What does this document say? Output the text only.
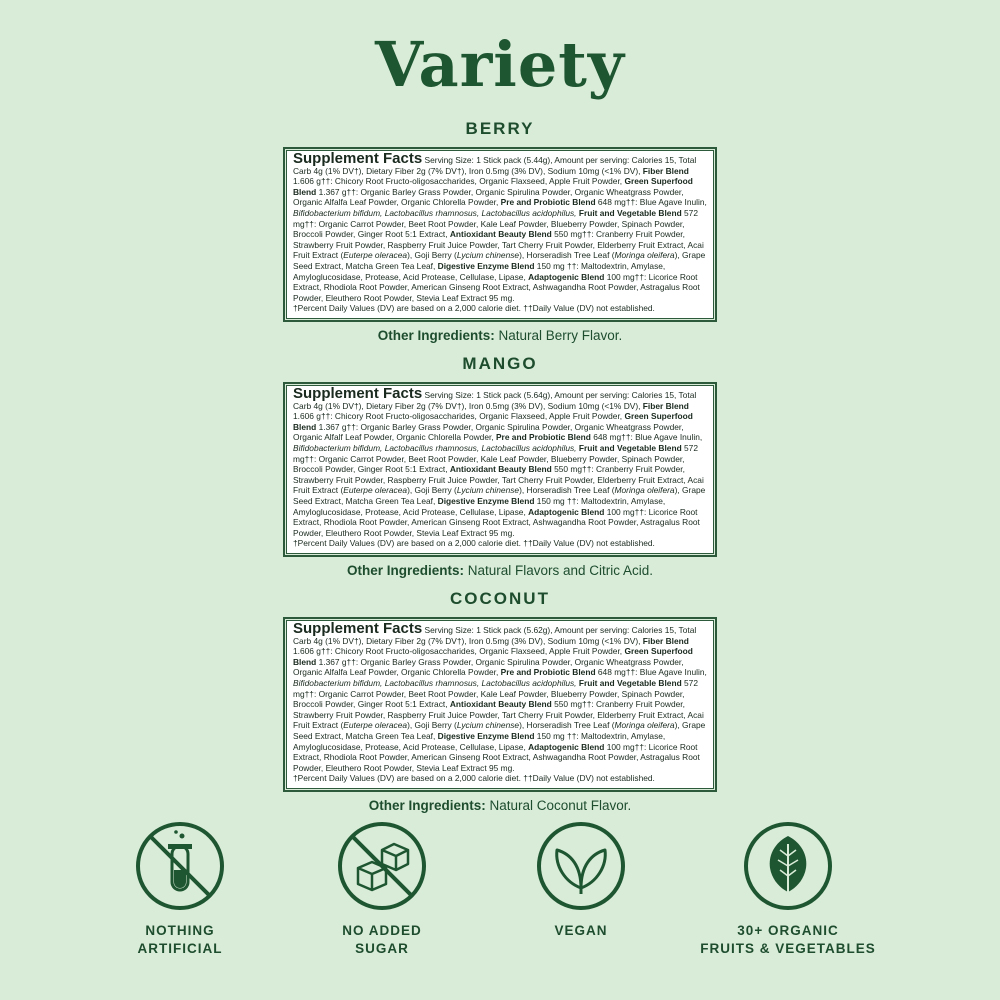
Variety
BERRY
Supplement Facts Serving Size: 1 Stick pack (5.44g), Amount per serving: Calories 15, Total Carb 4g (1% DV†), Dietary Fiber 2g (7% DV†), Iron 0.5mg (3% DV), Sodium 10mg (<1% DV), Fiber Blend 1.606 g††: Chicory Root Fructo-oligosaccharides, Organic Flaxseed, Apple Fruit Powder, Green Superfood Blend 1.367 g††: Organic Barley Grass Powder, Organic Spirulina Powder, Organic Wheatgrass Powder, Organic Alfalfa Leaf Powder, Organic Chlorella Powder, Pre and Probiotic Blend 648 mg††: Blue Agave Inulin, Bifidobacterium bifidum, Lactobacillus rhamnosus, Lactobacillus acidophilus, Fruit and Vegetable Blend 572 mg††: Organic Carrot Powder, Beet Root Powder, Kale Leaf Powder, Blueberry Powder, Spinach Powder, Broccoli Powder, Ginger Root 5:1 Extract, Antioxidant Beauty Blend 550 mg††: Cranberry Fruit Powder, Strawberry Fruit Powder, Raspberry Fruit Juice Powder, Tart Cherry Fruit Powder, Elderberry Fruit Extract, Acai Fruit Extract (Euterpe oleracea), Goji Berry (Lycium chinense), Horseradish Tree Leaf (Moringa oleifera), Grape Seed Extract, Matcha Green Tea Leaf, Digestive Enzyme Blend 150 mg ††: Maltodextrin, Amylase, Amyloglucosidase, Protease, Acid Protease, Cellulase, Lipase, Adaptogenic Blend 100 mg††: Licorice Root Extract, Rhodiola Root Powder, American Ginseng Root Extract, Ashwagandha Root Powder, Astragalus Root Powder, Eleuthero Root Powder, Stevia Leaf Extract 95 mg.
†Percent Daily Values (DV) are based on a 2,000 calorie diet. ††Daily Value (DV) not established.
Other Ingredients: Natural Berry Flavor.
MANGO
Supplement Facts Serving Size: 1 Stick pack (5.64g), Amount per serving: Calories 15, Total Carb 4g (1% DV†), Dietary Fiber 2g (7% DV†), Iron 0.5mg (3% DV), Sodium 10mg (<1% DV), Fiber Blend 1.606 g††: Chicory Root Fructo-oligosaccharides, Organic Flaxseed, Apple Fruit Powder, Green Superfood Blend 1.367 g††: Organic Barley Grass Powder, Organic Spirulina Powder, Organic Wheatgrass Powder, Organic Alfalf Leaf Powder, Organic Chlorella Powder, Pre and Probiotic Blend 648 mg††: Blue Agave Inulin, Bifidobacterium bifidum, Lactobacillus rhamnosus, Lactobacillus acidophilus, Fruit and Vegetable Blend 572 mg††: Organic Carrot Powder, Beet Root Powder, Kale Leaf Powder, Blueberry Powder, Spinach Powder, Broccoli Powder, Ginger Root 5:1 Extract, Antioxidant Beauty Blend 550 mg††: Cranberry Fruit Powder, Strawberry Fruit Powder, Raspberry Fruit Juice Powder, Tart Cherry Fruit Powder, Elderberry Fruit Extract, Acai Fruit Extract (Euterpe oleracea), Goji Berry (Lycium chinense), Horseradish Tree Leaf (Moringa oleifera), Grape Seed Extract, Matcha Green Tea Leaf, Digestive Enzyme Blend 150 mg ††: Maltodextrin, Amylase, Amyloglucosidase, Protease, Acid Protease, Cellulase, Lipase, Adaptogenic Blend 100 mg††: Licorice Root Extract, Rhodiola Root Powder, American Ginseng Root Extract, Ashwagandha Root Powder, Astragalus Root Powder, Eleuthero Root Powder, Stevia Leaf Extract 95 mg.
†Percent Daily Values (DV) are based on a 2,000 calorie diet. ††Daily Value (DV) not established.
Other Ingredients: Natural Flavors and Citric Acid.
COCONUT
Supplement Facts Serving Size: 1 Stick pack (5.62g), Amount per serving: Calories 15, Total Carb 4g (1% DV†), Dietary Fiber 2g (7% DV†), Iron 0.5mg (3% DV), Sodium 10mg (<1% DV), Fiber Blend 1.606 g††: Chicory Root Fructo-oligosaccharides, Organic Flaxseed, Apple Fruit Powder, Green Superfood Blend 1.367 g††: Organic Barley Grass Powder, Organic Spirulina Powder, Organic Wheatgrass Powder, Organic Alfalfa Leaf Powder, Organic Chlorella Powder, Pre and Probiotic Blend 648 mg††: Blue Agave Inulin, Bifidobacterium bifidum, Lactobacillus rhamnosus, Lactobacillus acidophilus, Fruit and Vegetable Blend 572 mg††: Organic Carrot Powder, Beet Root Powder, Kale Leaf Powder, Blueberry Powder, Spinach Powder, Broccoli Powder, Ginger Root 5:1 Extract, Antioxidant Beauty Blend 550 mg††: Cranberry Fruit Powder, Strawberry Fruit Powder, Raspberry Fruit Juice Powder, Tart Cherry Fruit Powder, Elderberry Fruit Extract, Acai Fruit Extract (Euterpe oleracea), Goji Berry (Lycium chinense), Horseradish Tree Leaf (Moringa oleifera), Grape Seed Extract, Matcha Green Tea Leaf, Digestive Enzyme Blend 150 mg ††: Maltodextrin, Amylase, Amyloglucosidase, Protease, Acid Protease, Cellulase, Lipase, Adaptogenic Blend 100 mg††: Licorice Root Extract, Rhodiola Root Powder, American Ginseng Root Extract, Ashwagandha Root Powder, Astragalus Root Powder, Eleuthero Root Powder, Stevia Leaf Extract 95 mg.
†Percent Daily Values (DV) are based on a 2,000 calorie diet. ††Daily Value (DV) not established.
Other Ingredients: Natural Coconut Flavor.
NOTHING
ARTIFICIAL
NO ADDED
SUGAR
VEGAN	30+ ORGANIC
FRUITS & VEGETABLES
